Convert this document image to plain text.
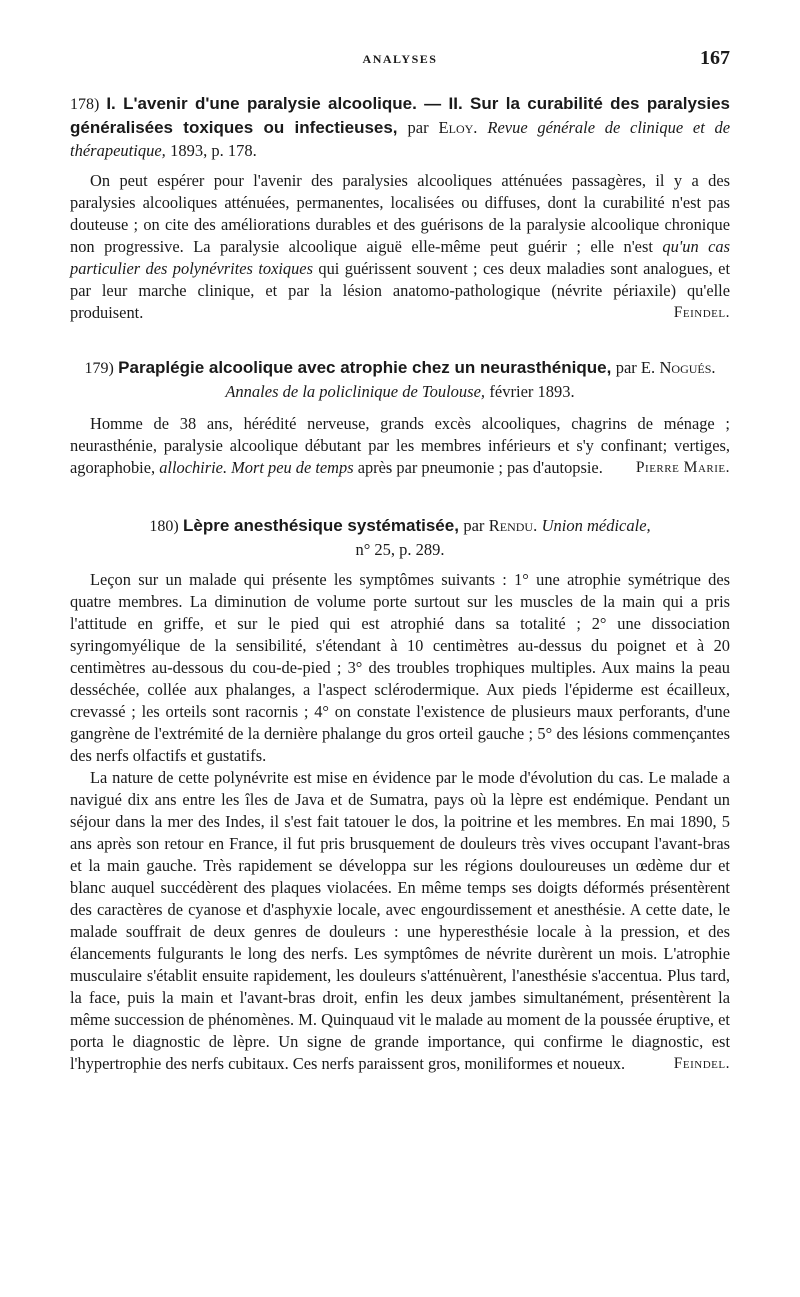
ANALYSES	167

178) I. L'avenir d'une paralysie alcoolique. — II. Sur la curabilité des paralysies généralisées toxiques ou infectieuses, par Eloy. Revue générale de clinique et de thérapeutique, 1893, p. 178.

On peut espérer pour l'avenir des paralysies alcooliques atténuées passagères, il y a des paralysies alcooliques atténuées, permanentes, localisées ou diffuses, dont la curabilité n'est pas douteuse ; on cite des améliorations durables et des guérisons de la paralysie alcoolique chronique non progressive. La paralysie alcoolique aiguë elle-même peut guérir ; elle n'est qu'un cas particulier des polynévrites toxiques qui guérissent souvent ; ces deux maladies sont analogues, et par leur marche clinique, et par la lésion anatomo-pathologique (névrite périaxile) qu'elle produisent.	Feindel.

179) Paraplégie alcoolique avec atrophie chez un neurasthénique, par E. Nogués. Annales de la policlinique de Toulouse, février 1893.

Homme de 38 ans, hérédité nerveuse, grands excès alcooliques, chagrins de ménage ; neurasthénie, paralysie alcoolique débutant par les membres inférieurs et s'y confinant; vertiges, agoraphobie, allochirie. Mort peu de temps après par pneumonie ; pas d'autopsie.	Pierre Marie.

180) Lèpre anesthésique systématisée, par Rendu. Union médicale,
n° 25, p. 289.

Leçon sur un malade qui présente les symptômes suivants : 1° une atrophie symétrique des quatre membres. La diminution de volume porte surtout sur les muscles de la main qui a pris l'attitude en griffe, et sur le pied qui est atrophié dans sa totalité ; 2° une dissociation syringomyélique de la sensibilité, s'étendant à 10 centimètres au-dessus du poignet et à 20 centimètres au-dessous du cou-de-pied ; 3° des troubles trophiques multiples. Aux mains la peau desséchée, collée aux phalanges, a l'aspect sclérodermique. Aux pieds l'épiderme est écailleux, crevassé ; les orteils sont racornis ; 4° on constate l'existence de plusieurs maux perforants, d'une gangrène de l'extrémité de la dernière phalange du gros orteil gauche ; 5° des lésions commençantes des nerfs olfactifs et gustatifs.

La nature de cette polynévrite est mise en évidence par le mode d'évolution du cas. Le malade a navigué dix ans entre les îles de Java et de Sumatra, pays où la lèpre est endémique. Pendant un séjour dans la mer des Indes, il s'est fait tatouer le dos, la poitrine et les membres. En mai 1890, 5 ans après son retour en France, il fut pris brusquement de douleurs très vives occupant l'avant-bras et la main gauche. Très rapidement se développa sur les régions douloureuses un œdème dur et blanc auquel succédèrent des plaques violacées. En même temps ses doigts déformés présentèrent des caractères de cyanose et d'asphyxie locale, avec engourdissement et anesthésie. A cette date, le malade souffrait de deux genres de douleurs : une hyperesthésie locale à la pression, et des élancements fulgurants le long des nerfs. Les symptômes de névrite durèrent un mois. L'atrophie musculaire s'établit ensuite rapidement, les douleurs s'atténuèrent, l'anesthésie s'accentua. Plus tard, la face, puis la main et l'avant-bras droit, enfin les deux jambes simultanément, présentèrent la même succession de phénomènes. M. Quinquaud vit le malade au moment de la poussée éruptive, et porta le diagnostic de lèpre. Un signe de grande importance, qui confirme le diagnostic, est l'hypertrophie des nerfs cubitaux. Ces nerfs paraissent gros, moniliformes et noueux.	Feindel.
